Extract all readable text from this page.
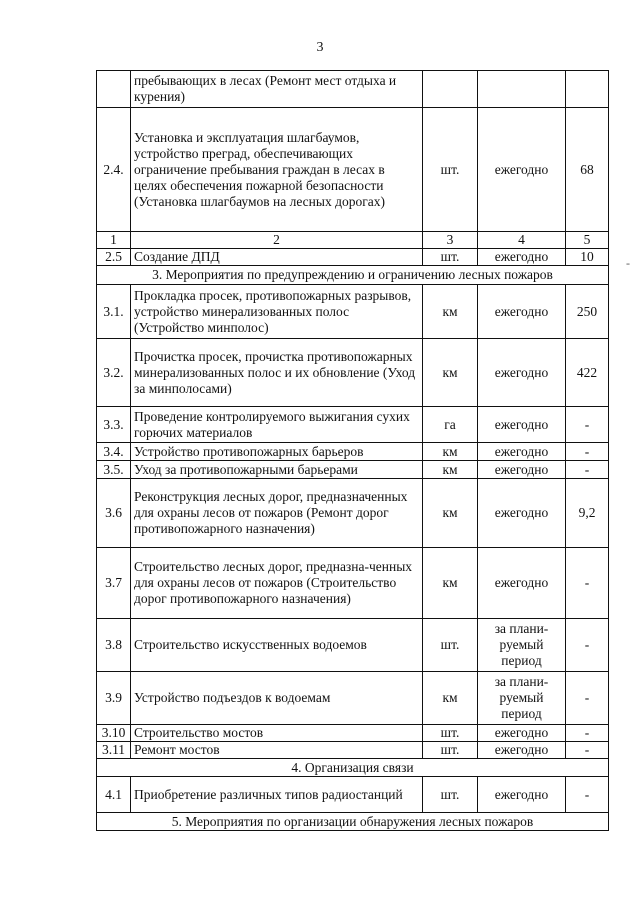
3
-
	пребывающих в лесах (Ремонт мест отдыха и курения)			
2.4.	Установка и эксплуатация шлагбаумов, устройство преград, обеспечивающих ограничение пребывания граждан в лесах в целях обеспечения пожарной безопасности (Установка шлагбаумов на лесных дорогах)	шт.	ежегодно	68
1	2	3	4	5
2.5	Создание ДПД	шт.	ежегодно	10
3. Мероприятия по предупреждению и ограничению лесных пожаров				
3.1.	Прокладка просек, противопожарных разрывов, устройство минерализованных полос (Устройство минполос)	км	ежегодно	250
3.2.	Прочистка просек, прочистка противопожарных минерализованных полос и их обновление (Уход за минполосами)	км	ежегодно	422
3.3.	Проведение контролируемого выжигания сухих горючих материалов	га	ежегодно	-
3.4.	Устройство противопожарных барьеров	км	ежегодно	-
3.5.	Уход за противопожарными барьерами	км	ежегодно	-
3.6	Реконструкция лесных дорог, предназначенных для охраны лесов от пожаров (Ремонт дорог противопожарного назначения)	км	ежегодно	9,2
3.7	Строительство лесных дорог, предназна-ченных для охраны лесов от пожаров (Строительство дорог противопожарного назначения)	км	ежегодно	-
3.8	Строительство искусственных водоемов	шт.	за плани-руемый период	-
3.9	Устройство подъездов к водоемам	км	за плани-руемый период	-
3.10	Строительство мостов	шт.	ежегодно	-
3.11	Ремонт мостов	шт.	ежегодно	-
4. Организация связи				
4.1	Приобретение различных типов радиостанций	шт.	ежегодно	-
5. Мероприятия по организации обнаружения лесных пожаров				
